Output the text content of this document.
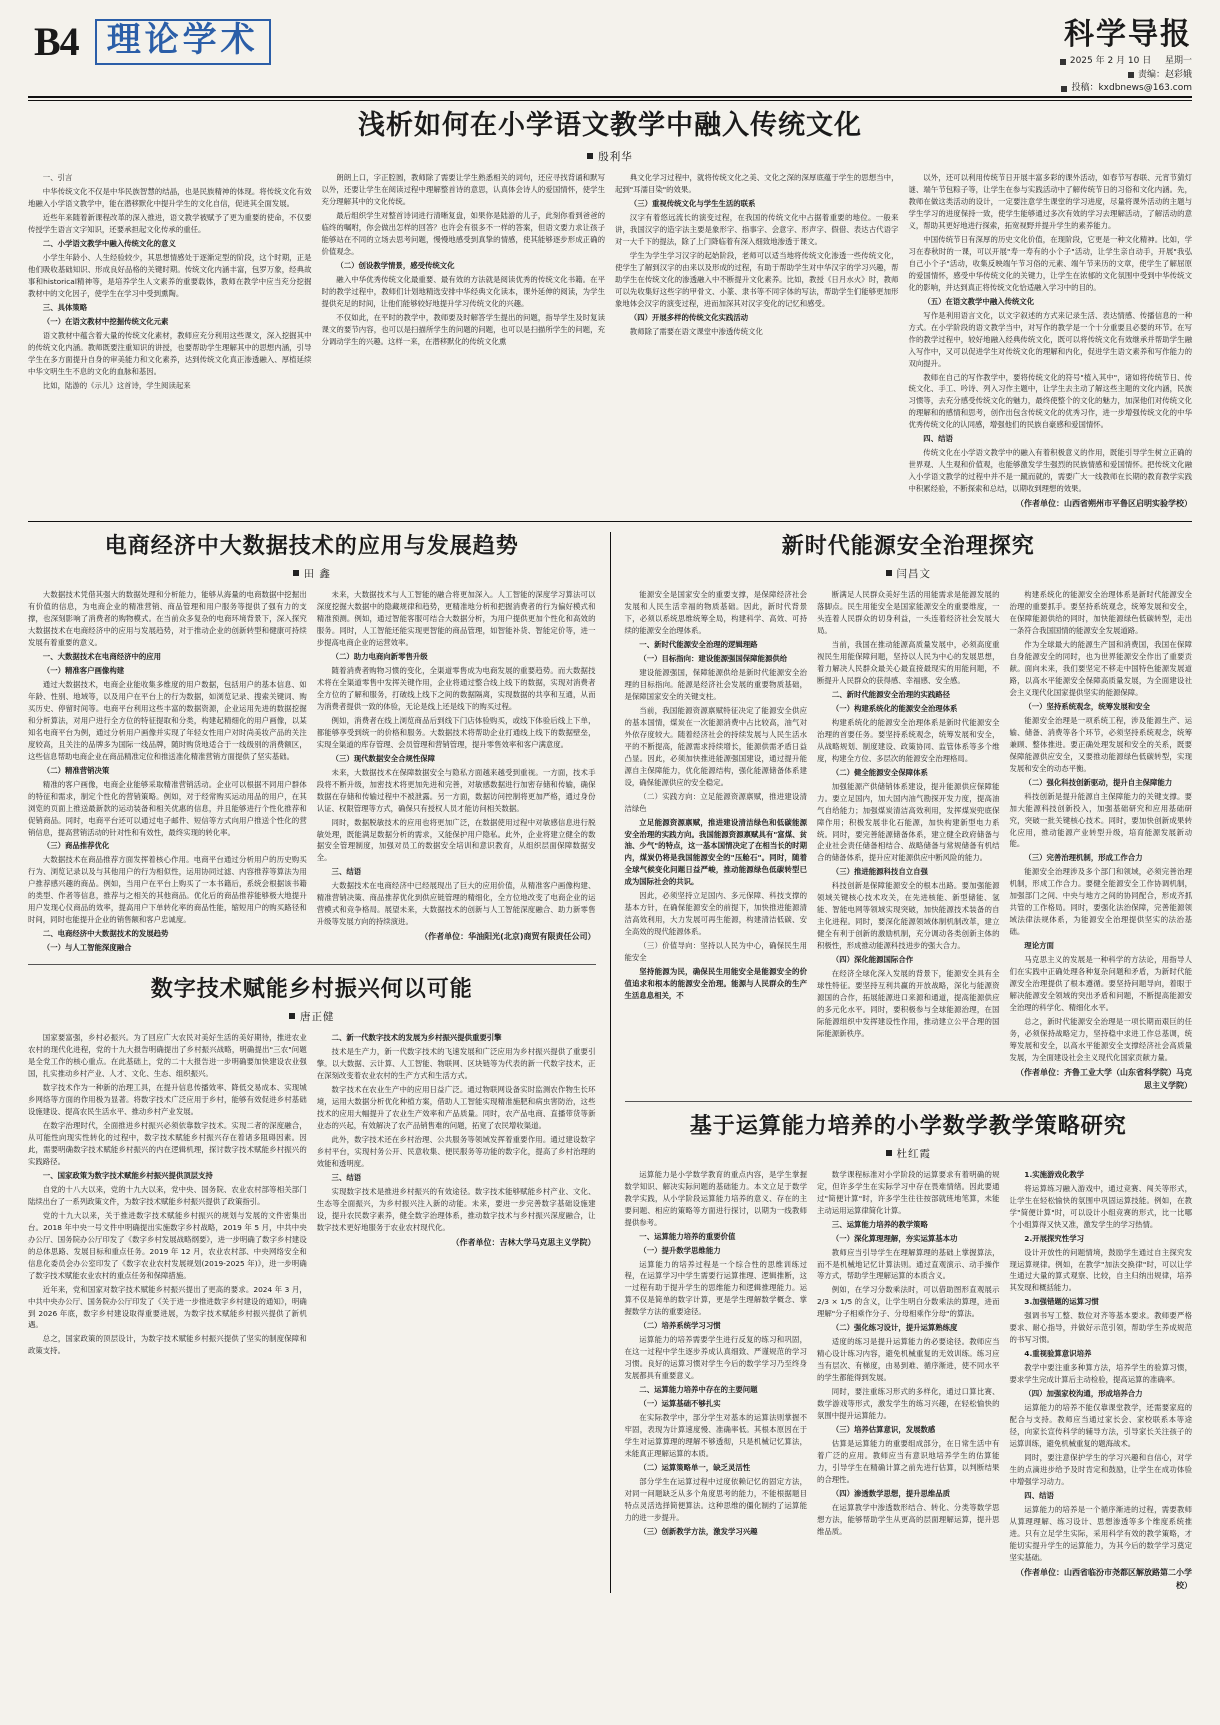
B4 理论学术	科学导报
2025 年 2 月 10 日
星期一
责编：赵彩娥
投稿：kxdbnews@163.com
浅析如何在小学语文教学中融入传统文化
殷利华

一、引言

中华传统文化不仅是中华民族智慧的结晶，也是民族精神的体现。将传统文化有效地融入小学语文教学中，能在潜移默化中提升学生的文化自信，促进其全面发展。

近些年来随着新课程改革的深入推进，语文教学被赋予了更为重要的使命，不仅要传授学生语言文字知识，还要承担起文化传承的重任。

二、小学语文教学中融入传统文化的意义

小学生年龄小、人生经验较少，其思想情感处于逐渐定型的阶段，这个时期，正是他们吸收基础知识、形成良好品格的关键时期。传统文化内涵丰富，包罗万象，经典故事和historical精神等，是培养学生人文素养的重要载体，教师在教学中应当充分挖掘教材中的文化因子，使学生在学习中受到熏陶。

三、具体策略

（一）在语文教材中挖掘传统文化元素

语文教材中蕴含着大量的传统文化素材，教师应充分利用这些课文，深入挖掘其中的传统文化内涵。教师既要注重知识的讲授，也要帮助学生理解其中的思想内涵，引导学生在多方面提升自身的审美能力和文化素养，达到传统文化真正渗透融入、厚植延续中华文明生生不息的文化的血脉和基因。

比如，陆游的《示儿》这首诗，学生阅读起来

朗朗上口，字正腔圆，教师除了需要让学生熟悉相关的词句，还应寻找背诵和默写以外，还要让学生在阅读过程中理解整首诗的意思，认真体会诗人的爱国情怀，使学生充分理解其中的文化传统。

最后组织学生对整首诗词进行清晰复盘，如果你是陆游的儿子，此刻你看到爸爸的临终的嘱咐，你会做出怎样的回答？也许会有很多不一样的答案，但语文要力求让孩子能够站在不同的立场去思考问题，慢慢地感受到真挚的情感，使其能够逐步形成正确的价值观念。

（二）创设教学情景，感受传统文化

融入中华优秀传统文化最重要、最有效的方法就是阅读优秀的传统文化书籍。在平时的教学过程中，教师们计划地精选安排中华经典文化读本，课外延伸的阅读，为学生提供充足的时间，让他们能够较好地提升学习传统文化的兴趣。

不仅如此，在平时的教学中，教师要及时解答学生提出的问题，指导学生及时复读课文的要节内容，也可以是扫描所学生的问题的问题，也可以是扫描所学生的问题，充分调动学生的兴趣。这样一来，在潜移默化的传统文化熏

典文化学习过程中，就将传统文化之美、文化之深的深厚底蕴于学生的思想当中，起到"耳濡目染"的效果。

（三）重视传统文化与学生生活的联系

汉字有着悠远流长的演变过程，在我国的传统文化中占据着重要的地位。一般来讲，我国汉字的造字法主要是象形字、指事字、会意字、形声字、假借、表达古代语字对一大千下的提法，除了上门降临着有深入细致地渗透于课文。

学生为学生学习汉字的起始阶段，老师可以适当地将传统文化渗透一些传统文化，使学生了解到汉字的由来以及形成的过程，有助于帮助学生对中华汉字的学习兴趣，帮助学生在传统文化的渗透融入中不断提升文化素养。比如，教授《日月水火》时，教师可以先收集好这些字的甲骨文、小篆、隶书等不同字体的写法，帮助学生们能够更加形象地体会汉字的演变过程，进而加深其对汉字变化的记忆和感受。

（四）开展多样的传统文化实践活动

教师除了需要在语文课堂中渗透传统文化

以外，还可以利用传统节日开展丰富多彩的课外活动，如春节写春联、元宵节猜灯谜、端午节包粽子等，让学生在参与实践活动中了解传统节日的习俗和文化内涵。先，教师在做这类活动的设计，一定要注意学生课堂的学习进度，尽量将课外活动的主题与学生学习的进度保持一致，使学生能够通过多次有效的学习去理解活动，了解活动的意义，帮助其更好地进行探索，拓宽视野并提升学生的素养能力。

中国传统节日有深厚的历史文化价值，在现阶段，它更是一种文化精神。比如，学习在春秋时的一课，可以开展"寿一寿有的小个子"活动，让学生亲自动手，开展"我弘自己小个子"活动，收集反映端午节习俗的元素、端午节来历的文章，使学生了解屈原的爱国情怀，感受中华传统文化的关键力，让学生在浓郁的文化氛围中受到中华传统文化的影响，并达到真正将传统文化恰适融入学习中的目的。

（五）在语文教学中融入传统文化

写作是利用语言文化，以文字叙述的方式来记录生活、表达情感、传播信息的一种方式。在小学阶段的语文教学当中，对写作的教学是一个十分重要且必要的环节。在写作的教学过程中，较好地融入经典传统文化，既可以将传统文化有效继承并帮助学生融入写作中，又可以促进学生对传统文化的理解和内化，促进学生语文素养和写作能力的双向提升。

教师在自己的写作教学中，要将传统文化的符号"植入其中"，诸如将传统节日、传统文化、手工、吟诗、列入习作主题中，让学生去主动了解这些主题的文化内涵，民族习惯等，去充分感受传统文化的魅力，最终使整个的文化的魅力，加深他们对传统文化的理解和的感情和思考，创作出包含传统文化的优秀习作，进一步增强传统文化的中华优秀传统文化的认同感，增强他们的民族自豪感和爱国情怀。

四、结语

传统文化在小学语文教学中的融入有着积极意义的作用，既能引导学生树立正确的世界观、人生观和价值观，也能够激发学生强烈的民族情感和爱国情怀。把传统文化融入小学语文教学的过程中并不是一蹴而就的，需要广大一线教师在长期的教育教学实践中积累经验，不断探索和总结，以期收到理想的效果。

（作者单位：山西省朔州市平鲁区启明实验学校）
电商经济中大数据技术的应用与发展趋势
田 鑫

大数据技术凭借其强大的数据处理和分析能力，能够从海量的电商数据中挖掘出有价值的信息，为电商企业的精准营销、商品管理和用户服务等提供了强有力的支撑，也深刻影响了消费者的购物模式。在当前众多复杂的电商环境背景下，深入探究大数据技术在电商经济中的应用与发展趋势，对于推动企业的创新转型和健康可持续发展有着重要的意义。

一、大数据技术在电商经济中的应用

（一）精准客户画像构建

通过大数据技术，电商企业能收集多维度的用户数据，包括用户的基本信息、如年龄、性别、地域等，以及用户在平台上的行为数据，如浏览记录、搜索关键词、购买历史、停留时间等。电商平台利用这些丰富的数据资源，企业运用先进的数据挖掘和分析算法，对用户进行全方位的特征提取和分类，构建起精细化的用户画像，以某知名电商平台为例，通过分析用户画像并实现了年轻女性用户对时尚美妆产品的关注度较高，且关注的品牌多为国际一线品牌，随时购货地适合于一线级别的消费额区，这些信息帮助电商企业在商品精准定位和推送准化精准营销方面提供了坚实基础。

（二）精准营销决策

精准的客户画像，电商企业能够采取精准营销活动。企业可以根据不同用户群体的特征和需求，制定个性化的营销策略。例如，对于经常购买运动用品的用户，在其浏览的页面上推送最新款的运动装备和相关优惠的信息，并且能够进行个性化推荐和促销商品。同时，电商平台还可以通过电子邮件、短信等方式向用户推送个性化的营销信息，提高营销活动的针对性和有效性，最终实现的转化率。

（三）商品推荐优化

大数据技术在商品推荐方面发挥着核心作用。电商平台通过分析用户的历史购买行为、浏览记录以及与其他用户的行为相似性，运用协同过滤、内容推荐等算法为用户推荐感兴趣的商品。例如，当用户在平台上购买了一本书籍后，系统会根据该书籍的类型、作者等信息，推荐与之相关的其他商品。优化后的商品推荐能够极大地提升用户发现心仪商品的效率，提高用户下单转化率的商品性能，缩短用户的购买路径和时间，同时也能提升企业的销售额和客户忠诚度。

二、电商经济中大数据技术的发展趋势

（一）与人工智能深度融合

未来，大数据技术与人工智能的融合将更加深入。人工智能的深度学习算法可以深度挖掘大数据中的隐藏规律和趋势，更精准地分析和把握消费者的行为偏好模式和精准预测。例如，通过智能客服可结合大数据分析，为用户提供更加个性化和高效的服务。同时，人工智能还能实现更智能的商品管理，如智能补货、智能定价等，进一步提高电商企业的运营效率。

（二）助力电商向新零售升级

随着消费者购物习惯的变化，全渠道零售成为电商发展的重要趋势。而大数据技术将在全渠道零售中发挥关键作用，企业将通过整合线上线下的数据，实现对消费者全方位的了解和服务，打破线上线下之间的数据隔离，实现数据的共享和互通，从而为消费者提供一致的体验，无论是线上还是线下的购买过程。

例如，消费者在线上浏览商品后到线下门店体验购买，或线下体验后线上下单，都能够享受到统一的价格和服务。大数据技术将帮助企业打通线上线下的数据壁垒，实现全渠道的库存管理、会员管理和营销管理，提升零售效率和客户满意度。

（三）现代数据安全合规性保障

未来，大数据技术在保障数据安全与隐私方面越来越受到重视。一方面，技术手段将不断升级，加密技术将更加先进和完善，对敏感数据进行加密存储和传输，确保数据在存储和传输过程中不被泄露。另一方面，数据访问控制将更加严格，通过身份认证、权限管理等方式，确保只有授权人员才能访问相关数据。

同时，数据脱敏技术的应用也将更加广泛，在数据使用过程中对敏感信息进行脱敏处理，既能满足数据分析的需求，又能保护用户隐私。此外，企业将建立健全的数据安全管理制度，加强对员工的数据安全培训和意识教育，从组织层面保障数据安全。

三、结语

大数据技术在电商经济中已经展现出了巨大的应用价值，从精准客户画像构建、精准营销决策、商品推荐优化到供应链管理的精细化，全方位地改变了电商企业的运营模式和竞争格局。展望未来，大数据技术的创新与人工智能深度融合、助力新零售升级等发展方向的持续演进。

（作者单位：华油阳光(北京)商贸有限责任公司）
数字技术赋能乡村振兴何以可能
唐正健

国家要富强，乡村必振兴。为了回应广大农民对美好生活的美好期待，推进农业农村的现代化进程，党的十九大报告明确提出了乡村振兴战略，明确提出"三农"问题是全党工作的核心重点。在此基础上，党的二十大报告进一步明确要加快建设农业强国，扎实推动乡村产业、人才、文化、生态、组织振兴。

数字技术作为一种新的治理工具，在提升信息传播效率、降低交易成本、实现城乡网络等方面的作用极为显著。将数字技术广泛应用于乡村，能够有效促进乡村基础设施建设、提高农民生活水平、推动乡村产业发展。

在数字治理时代，全面推进乡村振兴必须依靠数字技术。实现二者的深度融合，从可能性向现实性转化的过程中，数字技术赋能乡村振兴存在着诸多阻碍因素。因此，需要明确数字技术赋能乡村振兴的内在逻辑机理，探讨数字技术赋能乡村振兴的实践路径。

一、国家政策为数字技术赋能乡村振兴提供顶层支持

自党的十八大以来，党的十九大以来，党中央、国务院、农业农村部等相关部门陆续出台了一系列政策文件，为数字技术赋能乡村振兴提供了政策指引。

党的十九大以来，关于推进数字技术赋能乡村振兴的规划与发展的文件密集出台。2018 年中央一号文件中明确提出实施数字乡村战略，2019 年 5 月，中共中央办公厅、国务院办公厅印发了《数字乡村发展战略纲要》，进一步明确了数字乡村建设的总体思路、发展目标和重点任务。2019 年 12 月，农业农村部、中央网络安全和信息化委员会办公室印发了《数字农业农村发展规划(2019-2025 年)》，进一步明确了数字技术赋能农业农村的重点任务和保障措施。

近年来，党和国家对数字技术赋能乡村振兴提出了更高的要求。2024 年 3 月，中共中央办公厅、国务院办公厅印发了《关于进一步推进数字乡村建设的通知》，明确到 2026 年底，数字乡村建设取得重要进展，为数字技术赋能乡村振兴提供了新机遇。

总之，国家政策的顶层设计，为数字技术赋能乡村振兴提供了坚实的制度保障和政策支持。

二、新一代数字技术的发展为乡村振兴提供重要引擎

技术是生产力，新一代数字技术的飞速发展和广泛应用为乡村振兴提供了重要引擎。以大数据、云计算、人工智能、物联网、区块链等为代表的新一代数字技术，正在深刻改变着农业农村的生产方式和生活方式。

数字技术在农业生产中的应用日益广泛。通过物联网设备实时监测农作物生长环境，运用大数据分析优化种植方案，借助人工智能实现精准施肥和病虫害防治，这些技术的应用大幅提升了农业生产效率和产品质量。同时，农产品电商、直播带货等新业态的兴起，有效解决了农产品销售难的问题，拓宽了农民增收渠道。

此外，数字技术还在乡村治理、公共服务等领域发挥着重要作用。通过建设数字乡村平台，实现村务公开、民意收集、便民服务等功能的数字化，提高了乡村治理的效能和透明度。

三、结语

实现数字技术是推进乡村振兴的有效途径。数字技术能够赋能乡村产业、文化、生态等全面振兴，为乡村振兴注入新的动能。未来，要进一步完善数字基础设施建设，提升农民数字素养，健全数字治理体系，推动数字技术与乡村振兴深度融合，让数字技术更好地服务于农业农村现代化。

（作者单位：吉林大学马克思主义学院）
新时代能源安全治理探究
闫昌文

能源安全是国家安全的重要支撑，是保障经济社会发展和人民生活幸福的物质基础。因此，新时代背景下，必须以系统思维统筹全局，构建科学、高效、可持续的能源安全治理体系。

一、新时代能源安全治理的逻辑理路

（一）目标指向：建设能源强国保障能源供给

建设能源强国，保障能源供给是新时代能源安全治理的目标指向。能源是经济社会发展的重要物质基础，是保障国家安全的关键支柱。

当前，我国能源资源禀赋特征决定了能源安全供应的基本国情，煤炭在一次能源消费中占比较高，油气对外依存度较大。随着经济社会的持续发展与人民生活水平的不断提高，能源需求持续增长，能源供需矛盾日益凸显。因此，必须加快推进能源强国建设，通过提升能源自主保障能力，优化能源结构，强化能源储备体系建设，确保能源供应的安全稳定。

（二）实践方向：立足能源资源禀赋，推进建设清洁绿色

立足能源资源禀赋，推进建设清洁绿色和低碳能源安全治理的实践方向。我国能源资源禀赋具有"富煤、贫油、少气"的特点，这一基本国情决定了在相当长的时期内，煤炭仍将是我国能源安全的"压舱石"。同时，随着全球气候变化问题日益严峻，推动能源绿色低碳转型已成为国际社会的共识。

因此，必须坚持立足国内、多元保障、科技支撑的基本方针，在确保能源安全的前提下，加快推进能源清洁高效利用，大力发展可再生能源，构建清洁低碳、安全高效的现代能源体系。

（三）价值导向：坚持以人民为中心，确保民生用能安全

坚持能源为民，确保民生用能安全是能源安全的价值追求和根本的能源安全治理。能源与人民群众的生产生活息息相关，不

断满足人民群众美好生活的用能需求是能源发展的落脚点。民生用能安全是国家能源安全的重要维度，一头连着人民群众的切身利益，一头连着经济社会发展大局。

当前，我国在推动能源高质量发展中，必须高度重视民生用能保障问题，坚持以人民为中心的发展思想，着力解决人民群众最关心最直接最现实的用能问题，不断提升人民群众的获得感、幸福感、安全感。

二、新时代能源安全治理的实践路径

（一）构建系统化的能源安全治理体系

构建系统化的能源安全治理体系是新时代能源安全治理的首要任务。要坚持系统观念，统筹发展和安全，从战略规划、制度建设、政策协同、监管体系等多个维度，构建全方位、多层次的能源安全治理格局。

（二）健全能源安全保障体系

加强能源产供储销体系建设，提升能源供应保障能力。要立足国内，加大国内油气勘探开发力度，提高油气自给能力；加强煤炭清洁高效利用，发挥煤炭兜底保障作用；积极发展非化石能源，加快构建新型电力系统。同时，要完善能源储备体系，建立健全政府储备与企业社会责任储备相结合、战略储备与常规储备有机结合的储备体系，提升应对能源供应中断风险的能力。

（三）推进能源科技自立自强

科技创新是保障能源安全的根本出路。要加强能源领域关键核心技术攻关，在先进核能、新型储能、氢能、智能电网等领域实现突破，加快能源技术装备的自主化进程。同时，要深化能源领域体制机制改革，建立健全有利于创新的激励机制，充分调动各类创新主体的积极性，形成推动能源科技进步的强大合力。

（四）深化能源国际合作

在经济全球化深入发展的背景下，能源安全具有全球性特征。要坚持互利共赢的开放战略，深化与能源资源国的合作，拓展能源进口来源和通道，提高能源供应的多元化水平。同时，要积极参与全球能源治理，在国际能源组织中发挥建设性作用，推动建立公平合理的国际能源新秩序。

构建系统化的能源安全治理体系是新时代能源安全治理的重要抓手。要坚持系统观念，统筹发展和安全，在保障能源供给的同时，加快能源绿色低碳转型，走出一条符合我国国情的能源安全发展道路。

作为全球最大的能源生产国和消费国，我国在保障自身能源安全的同时，也为世界能源安全作出了重要贡献。面向未来，我们要坚定不移走中国特色能源发展道路，以高水平能源安全保障高质量发展，为全面建设社会主义现代化国家提供坚实的能源保障。

（一）坚持系统观念，统筹发展和安全

能源安全治理是一项系统工程，涉及能源生产、运输、储备、消费等各个环节，必须坚持系统观念，统筹兼顾、整体推进。要正确处理发展和安全的关系，既要保障能源供应安全，又要推动能源绿色低碳转型，实现发展和安全的动态平衡。

（二）强化科技创新驱动，提升自主保障能力

科技创新是提升能源自主保障能力的关键支撑。要加大能源科技创新投入，加强基础研究和应用基础研究，突破一批关键核心技术。同时，要加快创新成果转化应用，推动能源产业转型升级，培育能源发展新动能。

（三）完善治理机制，形成工作合力

能源安全治理涉及多个部门和领域，必须完善治理机制，形成工作合力。要健全能源安全工作协调机制，加强部门之间、中央与地方之间的协同配合，形成齐抓共管的工作格局。同时，要强化法治保障，完善能源领域法律法规体系，为能源安全治理提供坚实的法治基础。

理论方面

马克思主义的发展是一种科学的方法论，用指导人们在实践中正确处理各种复杂问题和矛盾，为新时代能源安全治理提供了根本遵循。要坚持问题导向，着眼于解决能源安全领域的突出矛盾和问题，不断提高能源安全治理的科学化、精细化水平。

总之，新时代能源安全治理是一项长期而艰巨的任务，必须保持战略定力，坚持稳中求进工作总基调，统筹发展和安全，以高水平能源安全支撑经济社会高质量发展，为全面建设社会主义现代化国家贡献力量。

（作者单位：齐鲁工业大学（山东省科学院）马克思主义学院）
基于运算能力培养的小学数学教学策略研究
杜红霞

运算能力是小学数学教育的重点内容，是学生掌握数学知识、解决实际问题的基础能力。本文立足于数学教学实践，从小学阶段运算能力培养的意义、存在的主要问题、相应的策略等方面进行探讨，以期为一线教师提供参考。

一、运算能力培养的重要价值

（一）提升数学思维能力

运算能力的培养过程是一个综合性的思维训练过程，在运算学习中学生需要行运算推理、逻辑推断，这一过程有助于提升学生的思维能力和逻辑推理能力。运算不仅是简单的数字计算，更是学生理解数学概念、掌握数学方法的重要途径。

（二）培养系统学习习惯

运算能力的培养需要学生进行反复的练习和巩固，在这一过程中学生逐步养成认真细致、严谨规范的学习习惯。良好的运算习惯对学生今后的数学学习乃至终身发展都具有重要意义。

二、运算能力培养中存在的主要问题

（一）运算基础不够扎实

在实际教学中，部分学生对基本的运算法则掌握不牢固，表现为计算速度慢、准确率低。其根本原因在于学生对运算算理的理解不够透彻，只是机械记忆算法，未能真正理解运算的本质。

（二）运算策略单一，缺乏灵活性

部分学生在运算过程中过度依赖记忆的固定方法，对同一问题缺乏从多个角度思考的能力，不能根据题目特点灵活选择简便算法。这种思维的僵化制约了运算能力的进一步提升。

（三）创新教学方法，激发学习兴趣

数学课程标准对小学阶段的运算要求有着明确的规定，但许多学生在实际学习中存在畏难情绪。因此要通过"简便计算"时，许多学生往往按部就班地笔算，未能主动运用运算律简化计算。

三、运算能力培养的教学策略

（一）深化算理理解，夯实运算基本功

教师应当引导学生在理解算理的基础上掌握算法，而不是机械地记忆计算法则。通过直观演示、动手操作等方式，帮助学生理解运算的本质含义。

例如，在学习分数乘法时，可以借助图形直观展示 2/3 × 1/5 的含义，让学生明白分数乘法的算理，进而理解"分子相乘作分子、分母相乘作分母"的算法。

（二）强化练习设计，提升运算熟练度

适度的练习是提升运算能力的必要途径。教师应当精心设计练习内容，避免机械重复的无效训练。练习应当有层次、有梯度，由易到难、循序渐进，使不同水平的学生都能得到发展。

同时，要注重练习形式的多样化，通过口算比赛、数学游戏等形式，激发学生的练习兴趣，在轻松愉快的氛围中提升运算能力。

（三）培养估算意识，发展数感

估算是运算能力的重要组成部分，在日常生活中有着广泛的应用。教师应当有意识地培养学生的估算能力，引导学生在精确计算之前先进行估算，以判断结果的合理性。

（四）渗透数学思想，提升思维品质

在运算教学中渗透数形结合、转化、分类等数学思想方法，能够帮助学生从更高的层面理解运算，提升思维品质。

1.实施游戏化教学

将运算练习融入游戏中，通过竞赛、闯关等形式，让学生在轻松愉快的氛围中巩固运算技能。例如，在教学"简便计算"时，可以设计小组竞赛的形式，比一比哪个小组算得又快又准，激发学生的学习热情。

2.开展探究性学习

设计开放性的问题情境，鼓励学生通过自主探究发现运算规律。例如，在教学"加法交换律"时，可以让学生通过大量的算式观察、比较，自主归纳出规律，培养其发现和概括能力。

3.加强错题的运算习惯

强调书写工整、数位对齐等基本要求。教师要严格要求、耐心指导，并做好示范引领，帮助学生养成规范的书写习惯。

4.重视验算意识培养

教学中要注重多种算方法，培养学生的验算习惯，要求学生完成计算后主动检验，提高运算的准确率。

（四）加强家校沟通，形成培养合力

运算能力的培养不能仅靠课堂教学，还需要家庭的配合与支持。教师应当通过家长会、家校联系本等途径，向家长宣传科学的辅导方法，引导家长关注孩子的运算训练，避免机械重复的题海战术。

同时，要注意保护学生的学习兴趣和自信心，对学生的点滴进步给予及时肯定和鼓励，让学生在成功体验中增强学习动力。

四、结语

运算能力的培养是一个循序渐进的过程，需要教师从算理理解、练习设计、思想渗透等多个维度系统推进。只有立足学生实际，采用科学有效的教学策略，才能切实提升学生的运算能力，为其今后的数学学习奠定坚实基础。

（作者单位：山西省临汾市尧都区解放路第二小学校）
